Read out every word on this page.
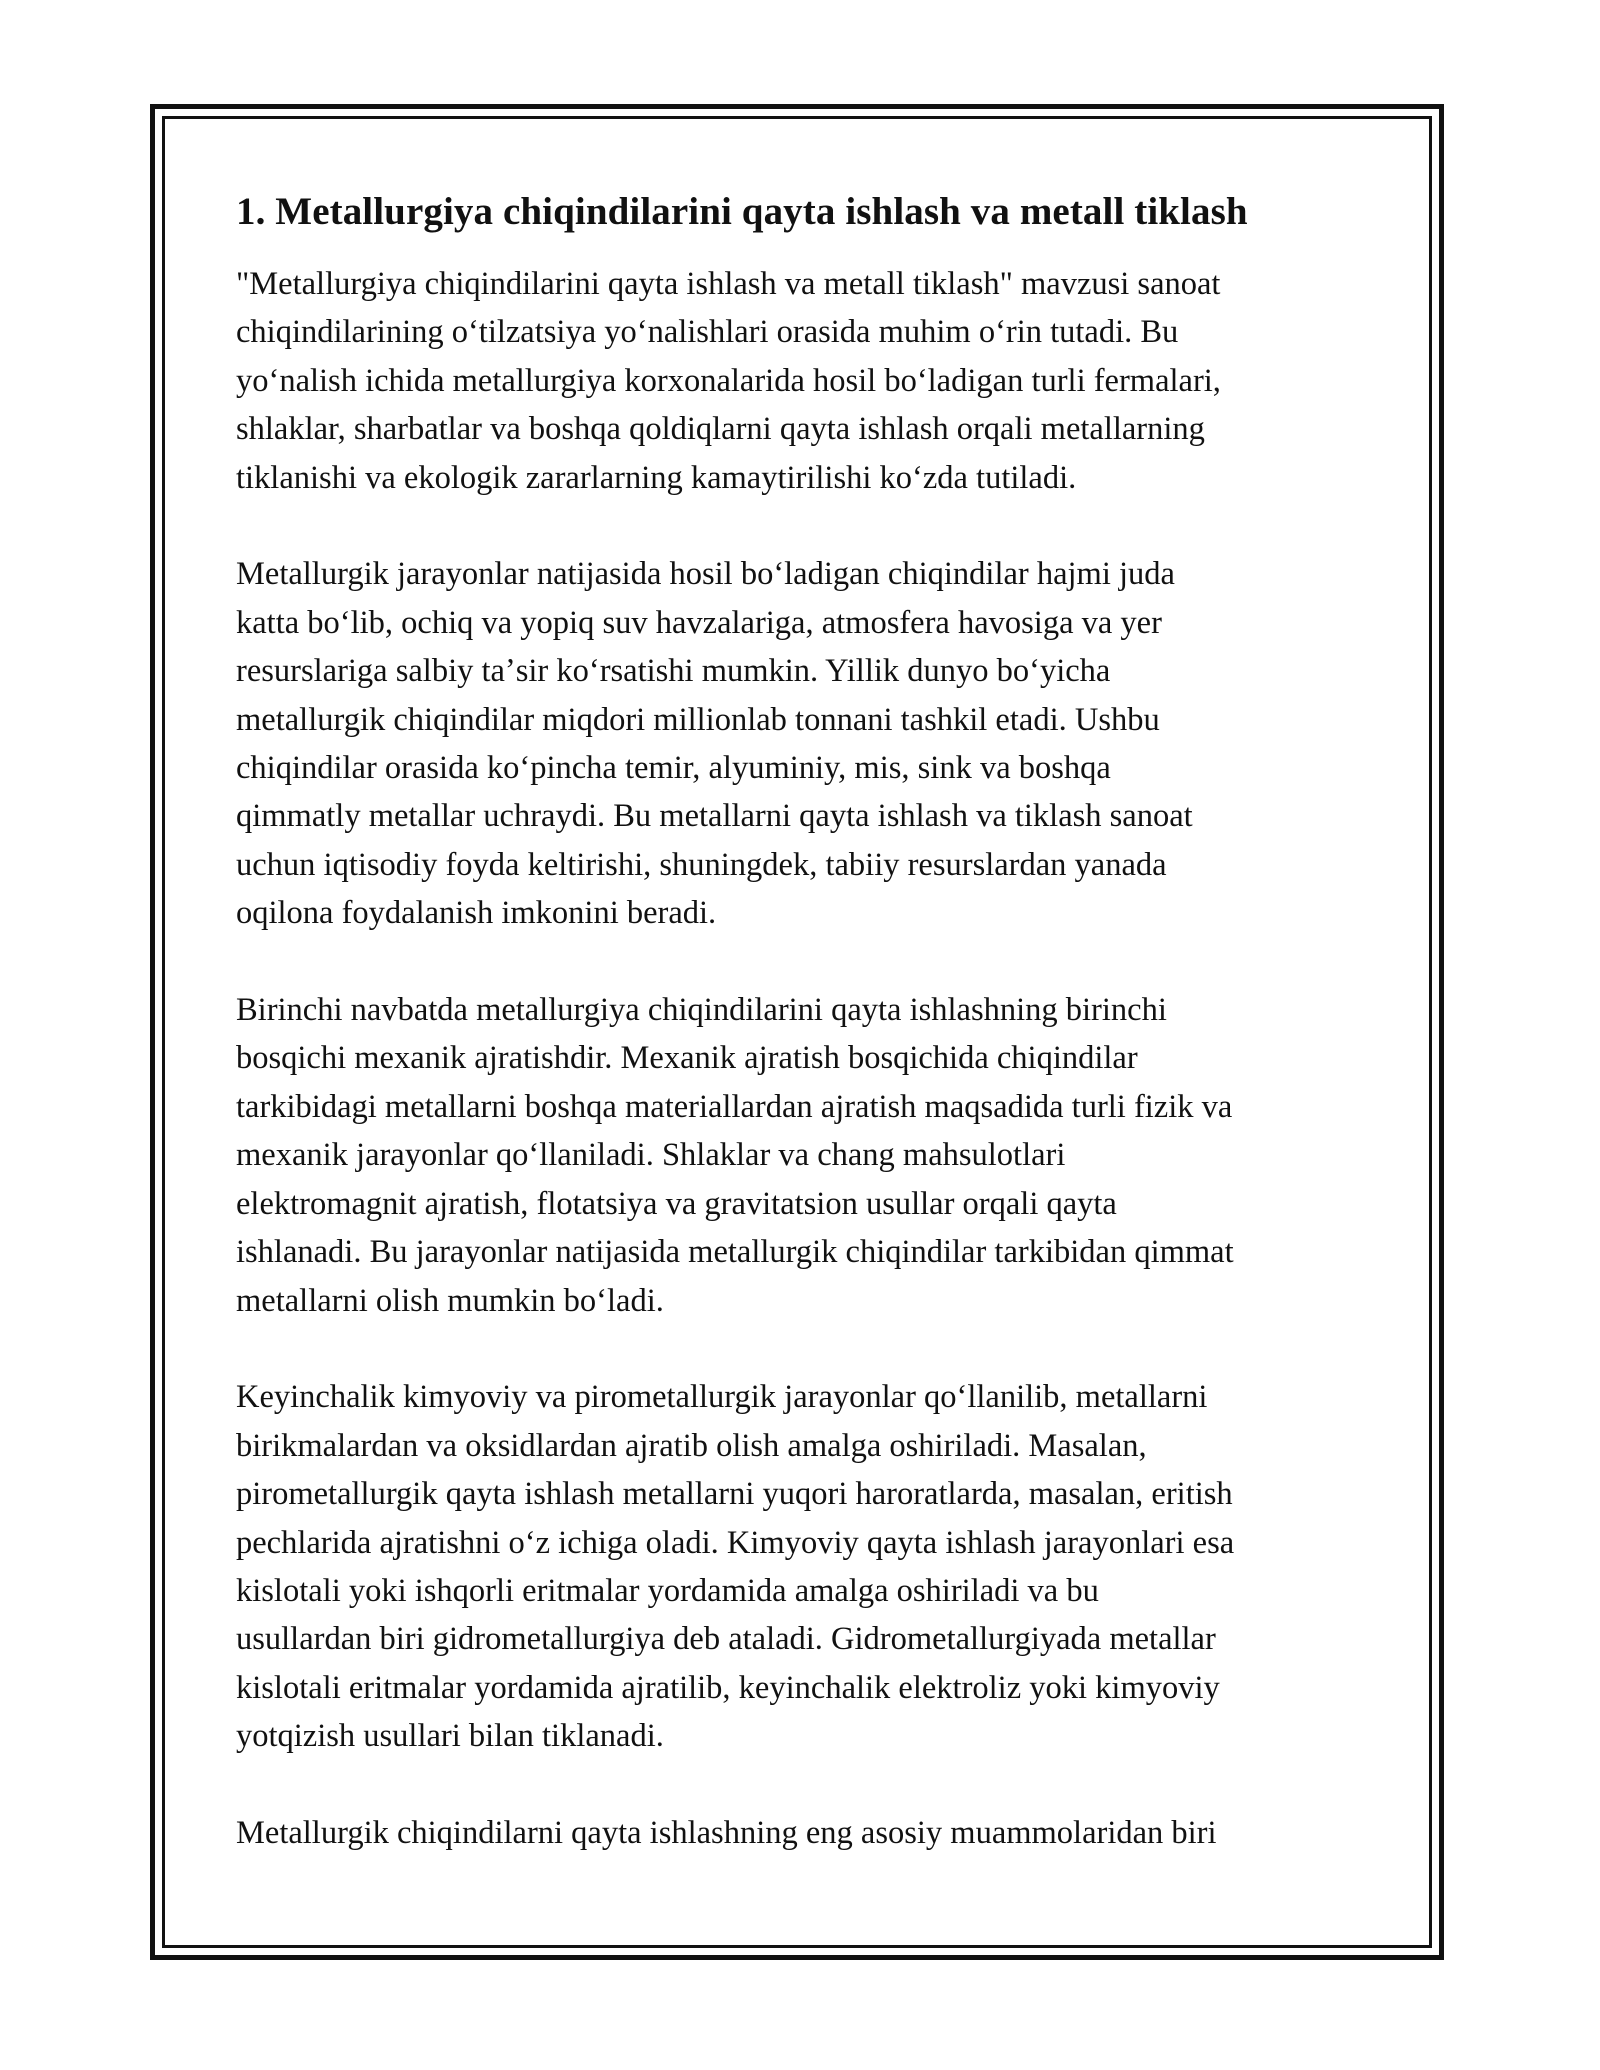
1. Metallurgiya chiqindilarini qayta ishlash va metall tiklash
"Metallurgiya chiqindilarini qayta ishlash va metall tiklash" mavzusi sanoat
chiqindilarining oʻtilzatsiya yoʻnalishlari orasida muhim oʻrin tutadi. Bu
yoʻnalish ichida metallurgiya korxonalarida hosil boʻladigan turli fermalari,
shlaklar, sharbatlar va boshqa qoldiqlarni qayta ishlash orqali metallarning
tiklanishi va ekologik zararlarning kamaytirilishi koʻzda tutiladi.
Metallurgik jarayonlar natijasida hosil boʻladigan chiqindilar hajmi juda
katta boʻlib, ochiq va yopiq suv havzalariga, atmosfera havosiga va yer
resurslariga salbiy taʼsir koʻrsatishi mumkin. Yillik dunyo boʻyicha
metallurgik chiqindilar miqdori millionlab tonnani tashkil etadi. Ushbu
chiqindilar orasida koʻpincha temir, alyuminiy, mis, sink va boshqa
qimmatly metallar uchraydi. Bu metallarni qayta ishlash va tiklash sanoat
uchun iqtisodiy foyda keltirishi, shuningdek, tabiiy resurslardan yanada
oqilona foydalanish imkonini beradi.
Birinchi navbatda metallurgiya chiqindilarini qayta ishlashning birinchi
bosqichi mexanik ajratishdir. Mexanik ajratish bosqichida chiqindilar
tarkibidagi metallarni boshqa materiallardan ajratish maqsadida turli fizik va
mexanik jarayonlar qoʻllaniladi. Shlaklar va chang mahsulotlari
elektromagnit ajratish, flotatsiya va gravitatsion usullar orqali qayta
ishlanadi. Bu jarayonlar natijasida metallurgik chiqindilar tarkibidan qimmat
metallarni olish mumkin boʻladi.
Keyinchalik kimyoviy va pirometallurgik jarayonlar qoʻllanilib, metallarni
birikmalardan va oksidlardan ajratib olish amalga oshiriladi. Masalan,
pirometallurgik qayta ishlash metallarni yuqori haroratlarda, masalan, eritish
pechlarida ajratishni oʻz ichiga oladi. Kimyoviy qayta ishlash jarayonlari esa
kislotali yoki ishqorli eritmalar yordamida amalga oshiriladi va bu
usullardan biri gidrometallurgiya deb ataladi. Gidrometallurgiyada metallar
kislotali eritmalar yordamida ajratilib, keyinchalik elektroliz yoki kimyoviy
yotqizish usullari bilan tiklanadi.
Metallurgik chiqindilarni qayta ishlashning eng asosiy muammolaridan biri
